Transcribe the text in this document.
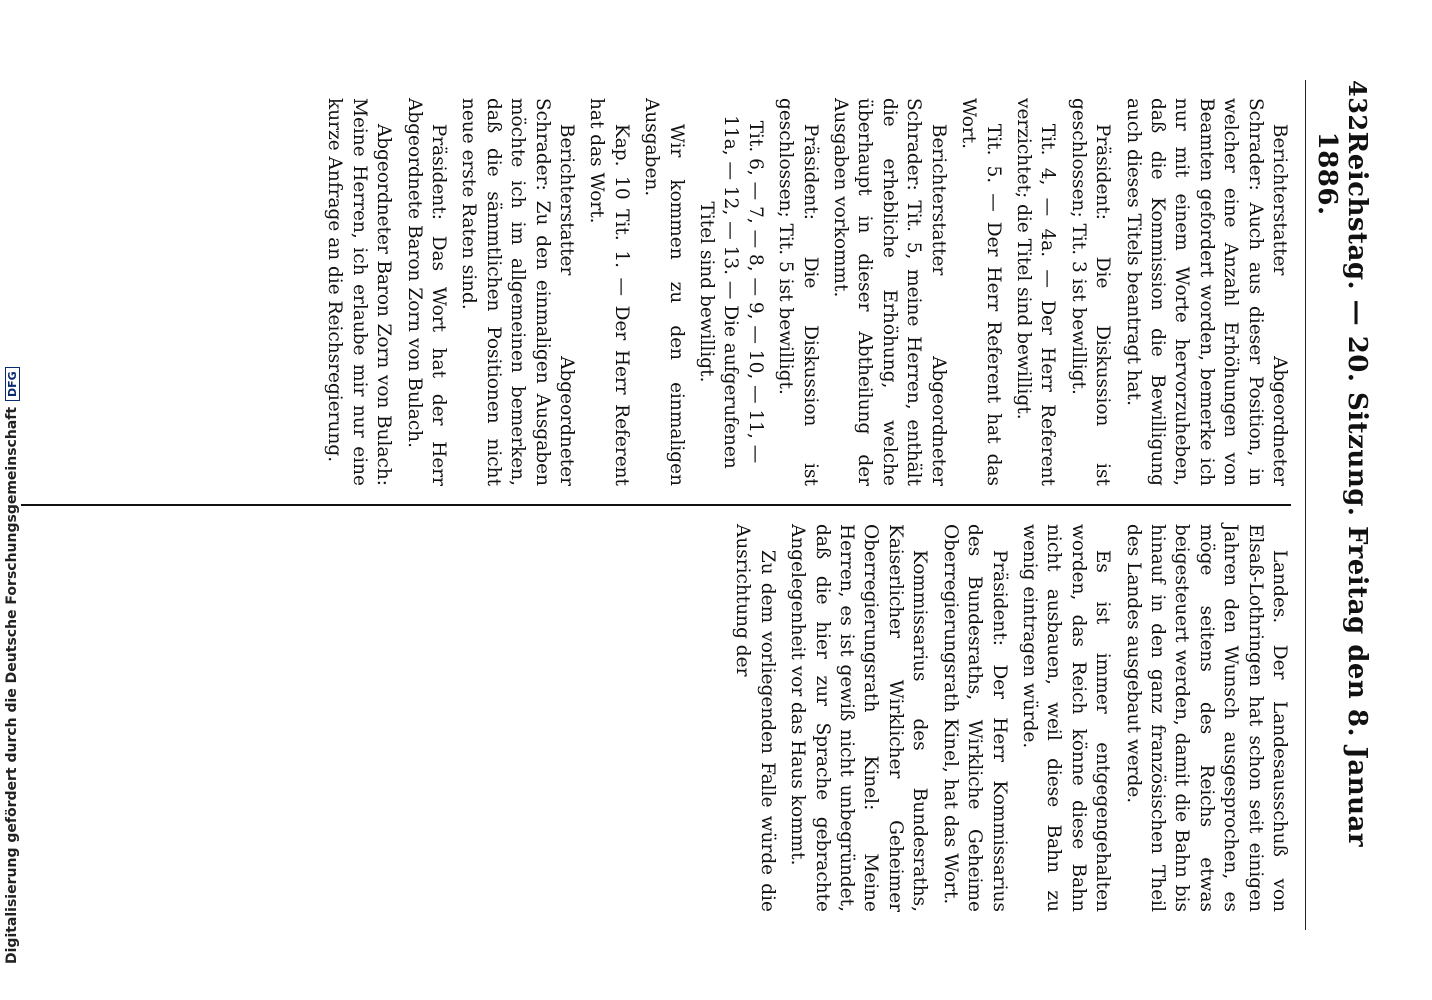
Digitalisierung gefördert durch die Deutsche ForschungsgemeinschaftDFG
432
Reichstag. — 20. Sitzung. Freitag den 8. Januar 1886.

Berichterstatter Abgeordneter Schrader: Auch aus dieser Position, in welcher eine Anzahl Erhöhungen von Beamten gefordert worden, bemerke ich nur mit einem Worte hervorzuheben, daß die Kommission die Bewilligung auch dieses Titels beantragt hat.

Präsident: Die Diskussion ist geschlossen; Tit. 3 ist bewilligt.

Tit. 4, — 4a. — Der Herr Referent verzichtet; die Titel sind bewilligt.

Tit. 5. — Der Herr Referent hat das Wort.

Berichterstatter Abgeordneter Schrader: Tit. 5, meine Herren, enthält die erhebliche Erhöhung, welche überhaupt in dieser Abtheilung der Ausgaben vorkommt.

Präsident: Die Diskussion ist geschlossen; Tit. 5 ist bewilligt.

Tit. 6, — 7, — 8, — 9, — 10, — 11, — 11a, — 12, — 13. — Die aufgerufenen Titel sind bewilligt.

Wir kommen zu den einmaligen Ausgaben.

Kap. 10 Tit. 1. — Der Herr Referent hat das Wort.

Berichterstatter Abgeordneter Schrader: Zu den einmaligen Ausgaben möchte ich im allgemeinen bemerken, daß die sämmtlichen Positionen nicht neue erste Raten sind.

Präsident: Das Wort hat der Herr Abgeordnete Baron Zorn von Bulach.

Abgeordneter Baron Zorn von Bulach: Meine Herren, ich erlaube mir nur eine kurze Anfrage an die Reichsregierung.

Landes. Der Landesausschuß von Elsaß-Lothringen hat schon seit einigen Jahren den Wunsch ausgesprochen, es möge seitens des Reichs etwas beigesteuert werden, damit die Bahn bis hinauf in den ganz französischen Theil des Landes ausgebaut werde.

Es ist immer entgegengehalten worden, das Reich könne diese Bahn nicht ausbauen, weil diese Bahn zu wenig eintragen würde.

Präsident: Der Herr Kommissarius des Bundesraths, Wirkliche Geheime Oberregierungsrath Kinel, hat das Wort.

Kommissarius des Bundesraths, Kaiserlicher Wirklicher Geheimer Oberregierungsrath Kinel: Meine Herren, es ist gewiß nicht unbegründet, daß die hier zur Sprache gebrachte Angelegenheit vor das Haus kommt.

Zu dem vorliegenden Falle würde die Ausrichtung der
